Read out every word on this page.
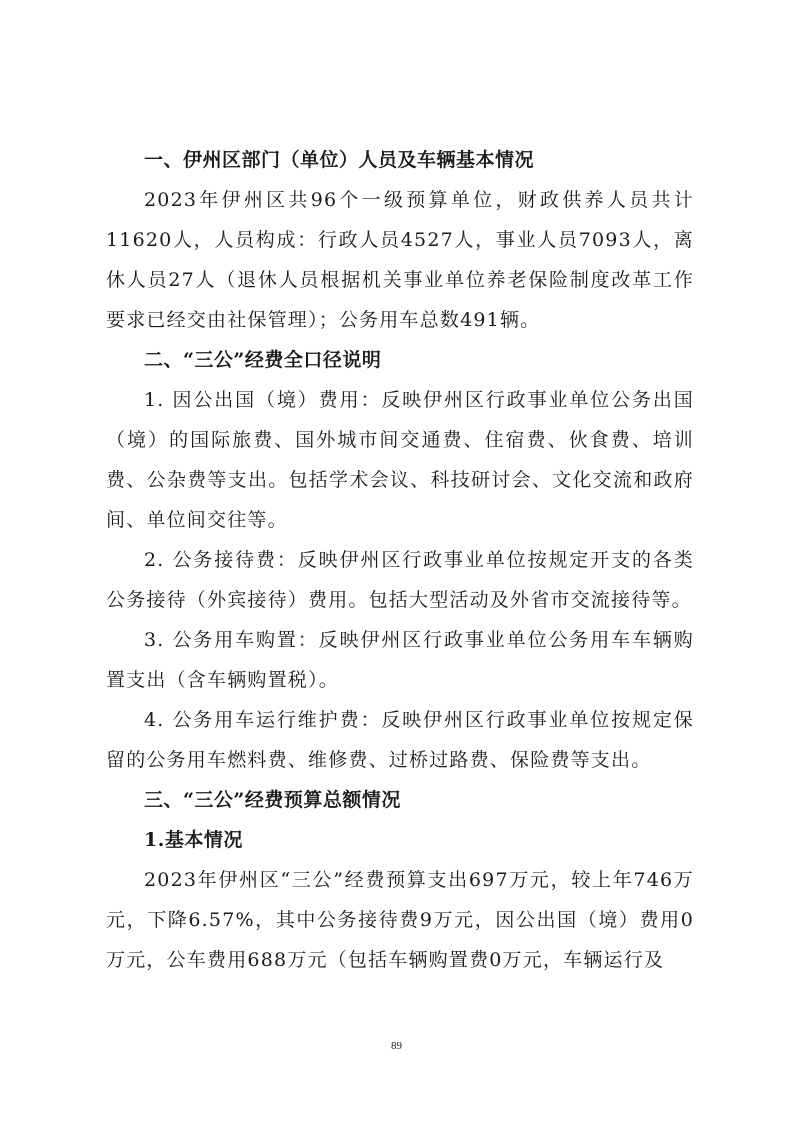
一、伊州区部门（单位）人员及车辆基本情况

2023年伊州区共96个一级预算单位，财政供养人员共计11620人，人员构成：行政人员4527人，事业人员7093人，离休人员27人（退休人员根据机关事业单位养老保险制度改革工作要求已经交由社保管理）；公务用车总数491辆。

二、“三公”经费全口径说明

1. 因公出国（境）费用：反映伊州区行政事业单位公务出国（境）的国际旅费、国外城市间交通费、住宿费、伙食费、培训费、公杂费等支出。包括学术会议、科技研讨会、文化交流和政府间、单位间交往等。

2. 公务接待费：反映伊州区行政事业单位按规定开支的各类公务接待（外宾接待）费用。包括大型活动及外省市交流接待等。

3. 公务用车购置：反映伊州区行政事业单位公务用车车辆购置支出（含车辆购置税）。

4. 公务用车运行维护费：反映伊州区行政事业单位按规定保留的公务用车燃料费、维修费、过桥过路费、保险费等支出。

三、“三公”经费预算总额情况
1.基本情况

2023年伊州区“三公”经费预算支出697万元，较上年746万元，下降6.57%，其中公务接待费9万元，因公出国（境）费用0万元，公车费用688万元（包括车辆购置费0万元，车辆运行及

89
